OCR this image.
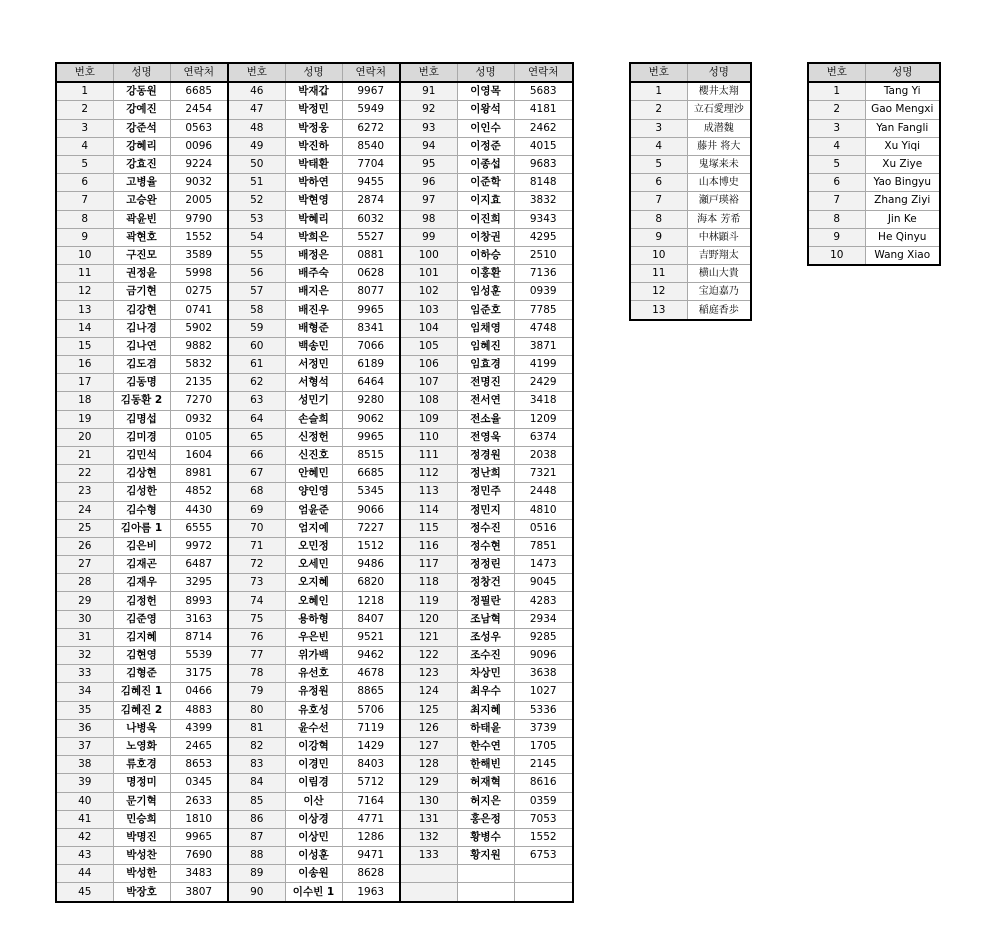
번호	성명	연락처	번호	성명	연락처	번호	성명	연락처
1	강동원	6685	46	박재갑	9967	91	이영목	5683
2	강예진	2454	47	박정민	5949	92	이왕석	4181
3	강준석	0563	48	박정웅	6272	93	이인수	2462
4	강혜리	0096	49	박진하	8540	94	이정준	4015
5	강효진	9224	50	박태환	7704	95	이종섭	9683
6	고병율	9032	51	박하연	9455	96	이준학	8148
7	고승완	2005	52	박현영	2874	97	이지효	3832
8	곽윤빈	9790	53	박혜리	6032	98	이진희	9343
9	곽현호	1552	54	박희은	5527	99	이창권	4295
10	구진모	3589	55	배정은	0881	100	이하승	2510
11	권정윤	5998	56	배주숙	0628	101	이홍환	7136
12	금기현	0275	57	배지은	8077	102	임성훈	0939
13	김강현	0741	58	배진우	9965	103	임준호	7785
14	김나경	5902	59	배형준	8341	104	임채영	4748
15	김나연	9882	60	백송민	7066	105	임혜진	3871
16	김도겸	5832	61	서정민	6189	106	임효경	4199
17	김동명	2135	62	서형석	6464	107	전명진	2429
18	김동환 2	7270	63	성민기	9280	108	전서연	3418
19	김명섭	0932	64	손슬희	9062	109	전소율	1209
20	김미경	0105	65	신정헌	9965	110	전영욱	6374
21	김민석	1604	66	신진호	8515	111	정경원	2038
22	김상현	8981	67	안혜민	6685	112	정난희	7321
23	김성한	4852	68	양인영	5345	113	정민주	2448
24	김수형	4430	69	엄윤준	9066	114	정민지	4810
25	김아름 1	6555	70	엄지예	7227	115	정수진	0516
26	김은비	9972	71	오민정	1512	116	정수현	7851
27	김재곤	6487	72	오세민	9486	117	정정린	1473
28	김재우	3295	73	오지혜	6820	118	정창건	9045
29	김정헌	8993	74	오혜인	1218	119	정필란	4283
30	김준영	3163	75	용하형	8407	120	조남혁	2934
31	김지혜	8714	76	우은빈	9521	121	조성우	9285
32	김현영	5539	77	위가백	9462	122	조수진	9096
33	김형준	3175	78	유선호	4678	123	차상민	3638
34	김혜진 1	0466	79	유정원	8865	124	최우수	1027
35	김혜진 2	4883	80	유호성	5706	125	최지혜	5336
36	나병욱	4399	81	윤수선	7119	126	하태윤	3739
37	노영화	2465	82	이강혁	1429	127	한수연	1705
38	류호경	8653	83	이경민	8403	128	한해빈	2145
39	명정미	0345	84	이림경	5712	129	허재혁	8616
40	문기혁	2633	85	이산	7164	130	허지은	0359
41	민승희	1810	86	이상경	4771	131	홍은정	7053
42	박명진	9965	87	이상민	1286	132	황병수	1552
43	박성찬	7690	88	이성훈	9471	133	황지원	6753
44	박성한	3483	89	이송원	8628			
45	박장호	3807	90	이수빈 1	1963			
번호	성명
1	櫻井太翔
2	立石愛理沙
3	成潜魏
4	藤井 将大
5	鬼塚来未
6	山本博史
7	瀬戸瑛裕
8	海本 芳希
9	中林顕斗
10	吉野翔太
11	横山大貴
12	宝迫嘉乃
13	稲庭香歩
번호	성명
1	Tang Yi
2	Gao Mengxi
3	Yan Fangli
4	Xu Yiqi
5	Xu Ziye
6	Yao Bingyu
7	Zhang Ziyi
8	Jin Ke
9	He Qinyu
10	Wang Xiao
